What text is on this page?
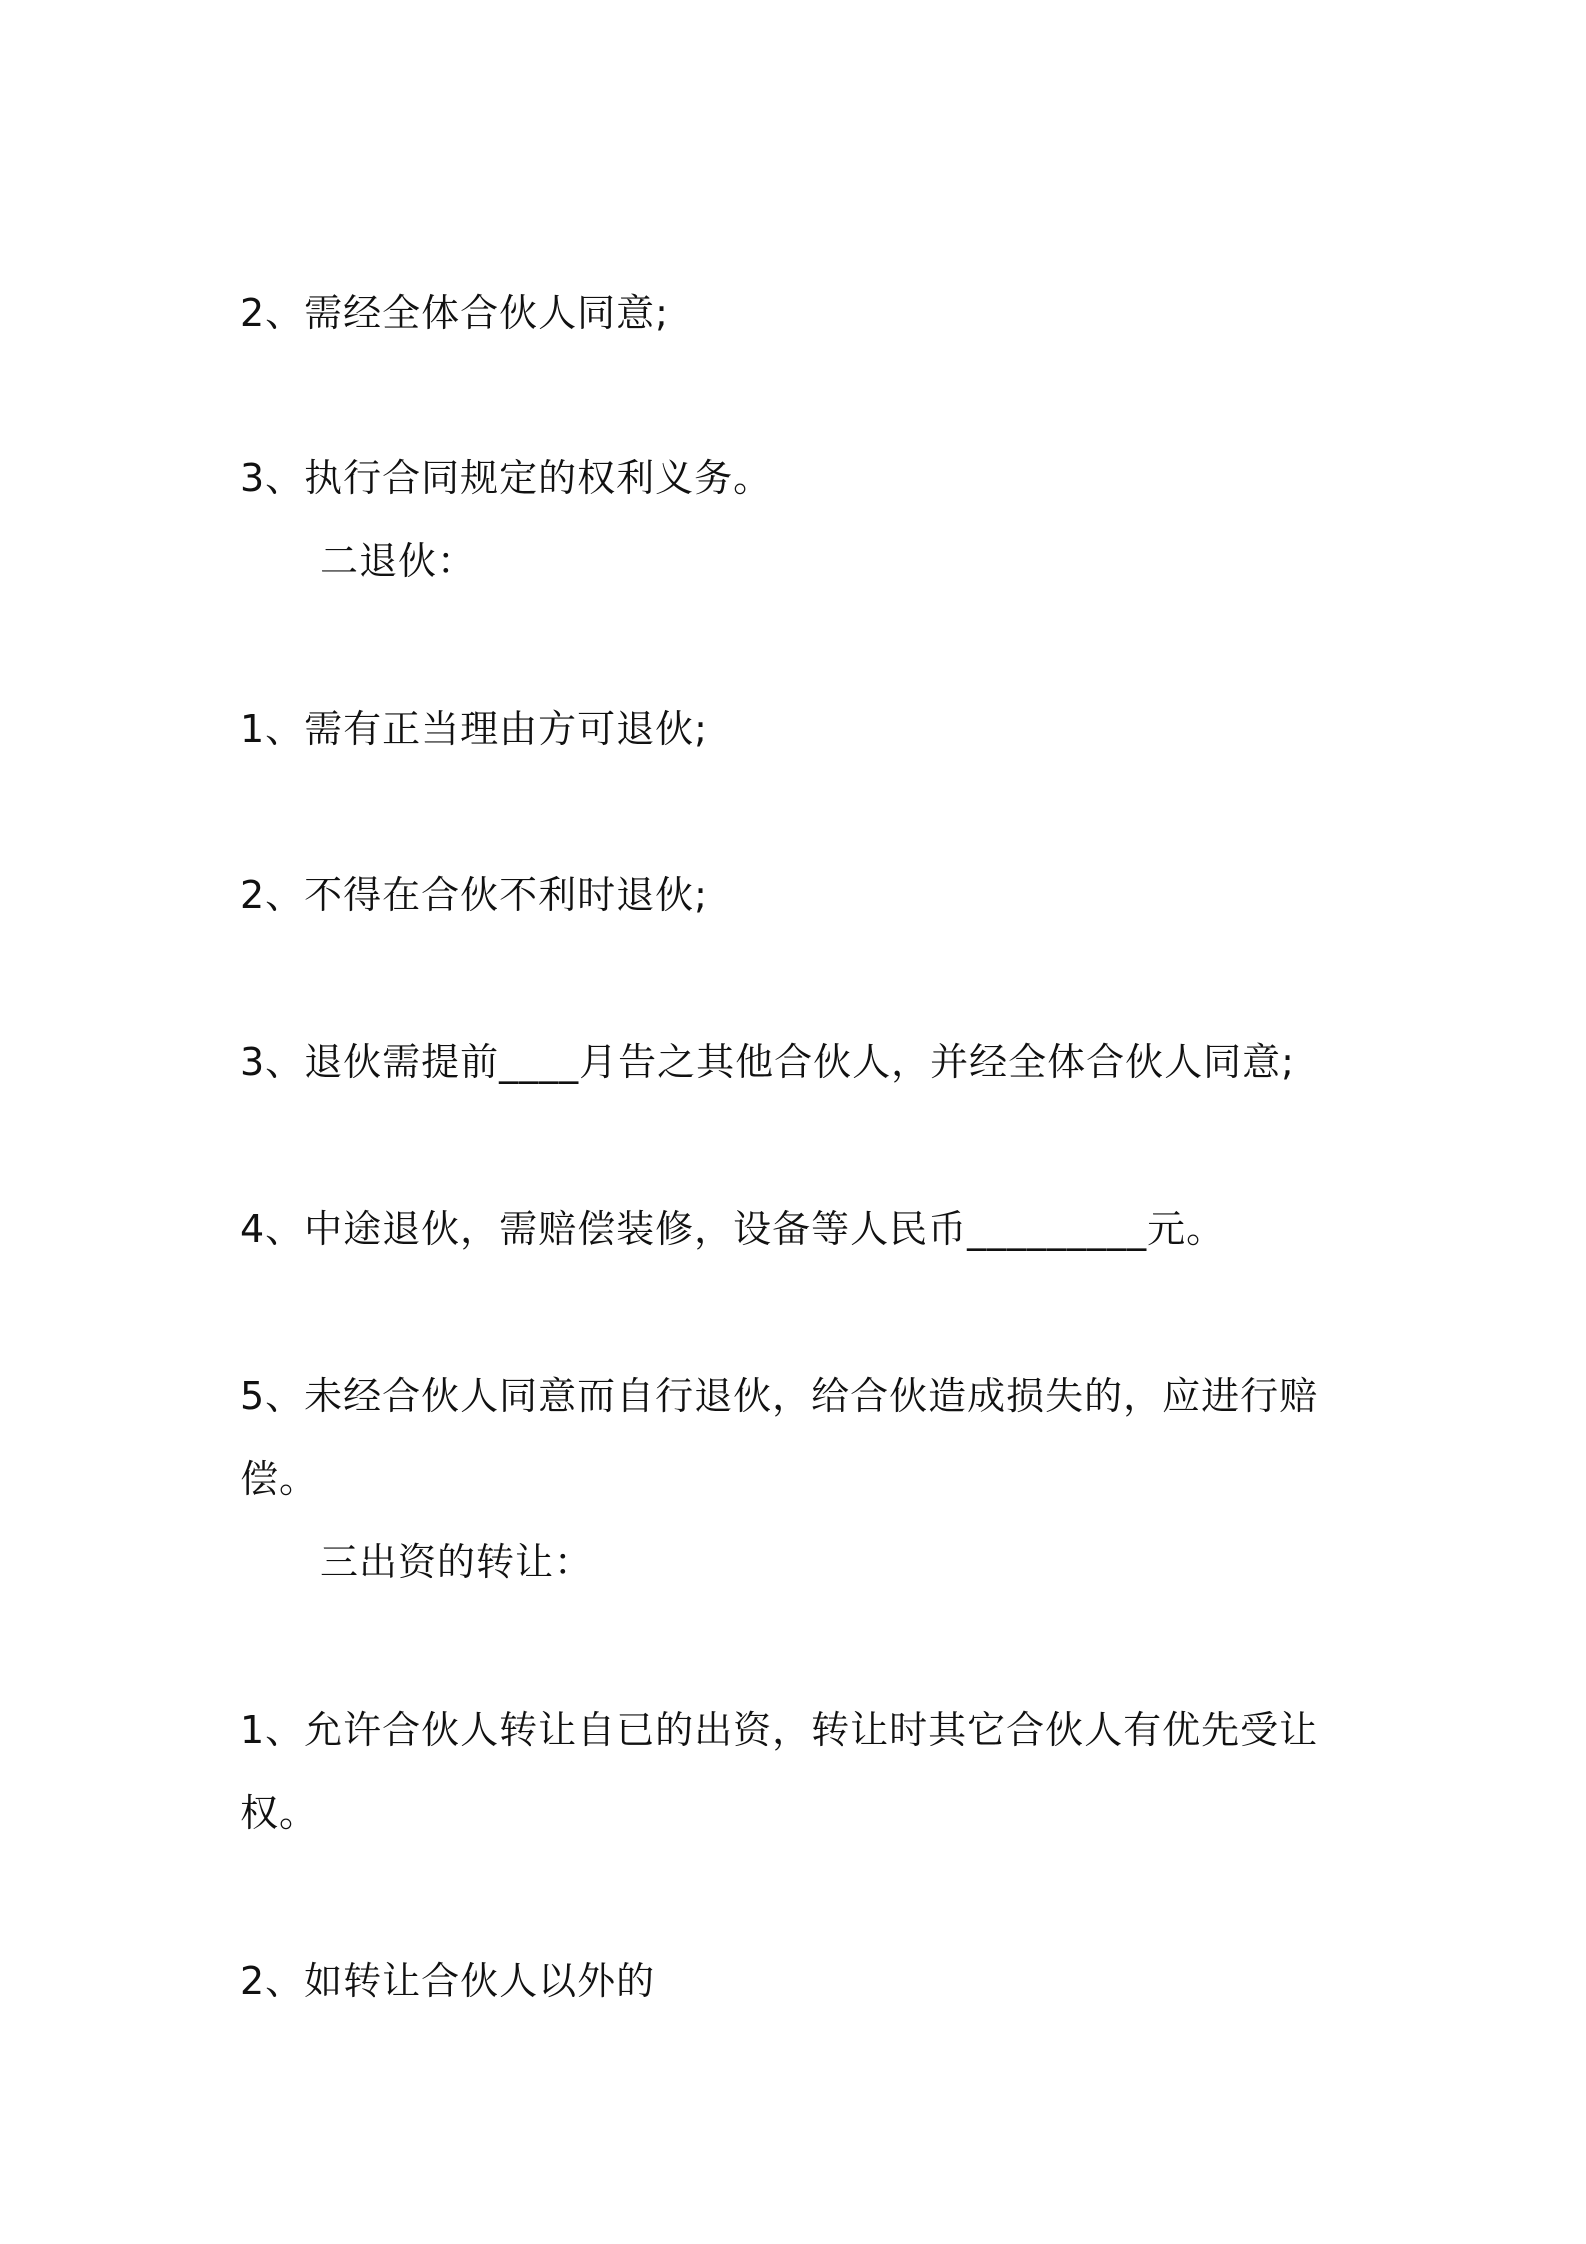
2、需经全体合伙人同意;
3、执行合同规定的权利义务。
二退伙：
1、需有正当理由方可退伙;
2、不得在合伙不利时退伙;
3、退伙需提前____月告之其他合伙人，并经全体合伙人同意;
4、中途退伙，需赔偿装修，设备等人民币_________元。
5、未经合伙人同意而自行退伙，给合伙造成损失的，应进行赔
偿。
三出资的转让：
1、允许合伙人转让自已的出资，转让时其它合伙人有优先受让
权。
2、如转让合伙人以外的
